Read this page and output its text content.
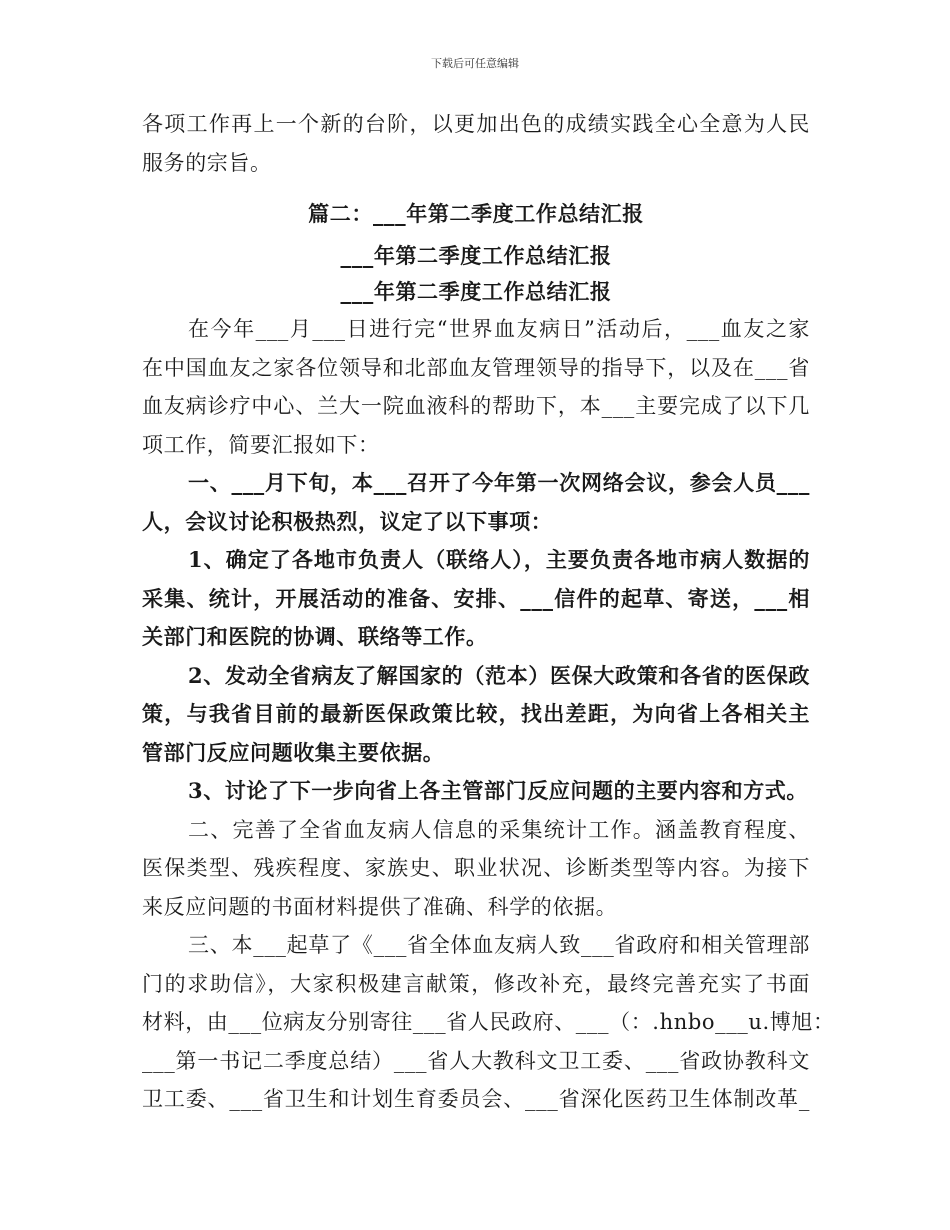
下载后可任意编辑
各项工作再上一个新的台阶，以更加出色的成绩实践全心全意为人民
服务的宗旨。
篇二：___年第二季度工作总结汇报
___年第二季度工作总结汇报
___年第二季度工作总结汇报
在今年___月___日进行完“世界血友病日”活动后，___血友之家
在中国血友之家各位领导和北部血友管理领导的指导下，以及在___省
血友病诊疗中心、兰大一院血液科的帮助下，本___主要完成了以下几
项工作，简要汇报如下：
一、___月下旬，本___召开了今年第一次网络会议，参会人员___
人，会议讨论积极热烈，议定了以下事项：
1、确定了各地市负责人（联络人），主要负责各地市病人数据的
采集、统计，开展活动的准备、安排、___信件的起草、寄送，___相
关部门和医院的协调、联络等工作。
2、发动全省病友了解国家的（范本）医保大政策和各省的医保政
策，与我省目前的最新医保政策比较，找出差距，为向省上各相关主
管部门反应问题收集主要依据。
3、讨论了下一步向省上各主管部门反应问题的主要内容和方式。
二、完善了全省血友病人信息的采集统计工作。涵盖教育程度、
医保类型、残疾程度、家族史、职业状况、诊断类型等内容。为接下
来反应问题的书面材料提供了准确、科学的依据。
三、本___起草了《___省全体血友病人致___省政府和相关管理部
门的求助信》，大家积极建言献策，修改补充，最终完善充实了书面
材料，由___位病友分别寄往___省人民政府、___（：.hnbo___u.博旭：
___第一书记二季度总结）___省人大教科文卫工委、___省政协教科文
卫工委、___省卫生和计划生育委员会、___省深化医药卫生体制改革_
